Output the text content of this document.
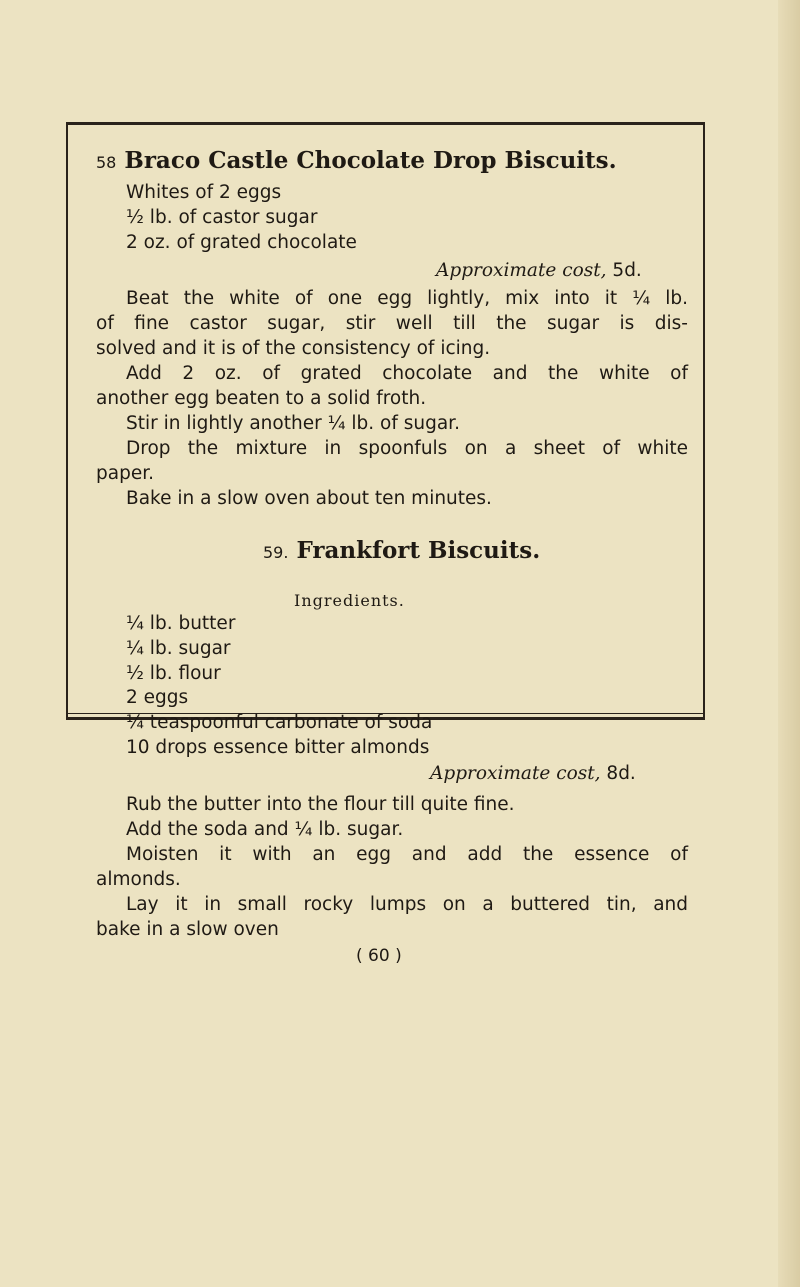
58 Braco Castle Chocolate Drop Biscuits.
Whites of 2 eggs
½ lb. of castor sugar
2 oz. of grated chocolate
Approximate cost, 5d.
Beat the white of one egg lightly, mix into it ¼ lb.
of fine castor sugar, stir well till the sugar is dis-
solved and it is of the consistency of icing.
Add 2 oz. of grated chocolate and the white of
another egg beaten to a solid froth.
Stir in lightly another ¼ lb. of sugar.
Drop the mixture in spoonfuls on a sheet of white
paper.
Bake in a slow oven about ten minutes.
59. Frankfort Biscuits.
Ingredients.
¼ lb. butter
¼ lb. sugar
½ lb. flour
2 eggs
¼ teaspoonful carbonate of soda
10 drops essence bitter almonds
Approximate cost, 8d.
Rub the butter into the flour till quite fine.
Add the soda and ¼ lb. sugar.
Moisten it with an egg and add the essence of
almonds.
Lay it in small rocky lumps on a buttered tin, and
bake in a slow oven
( 60 )
